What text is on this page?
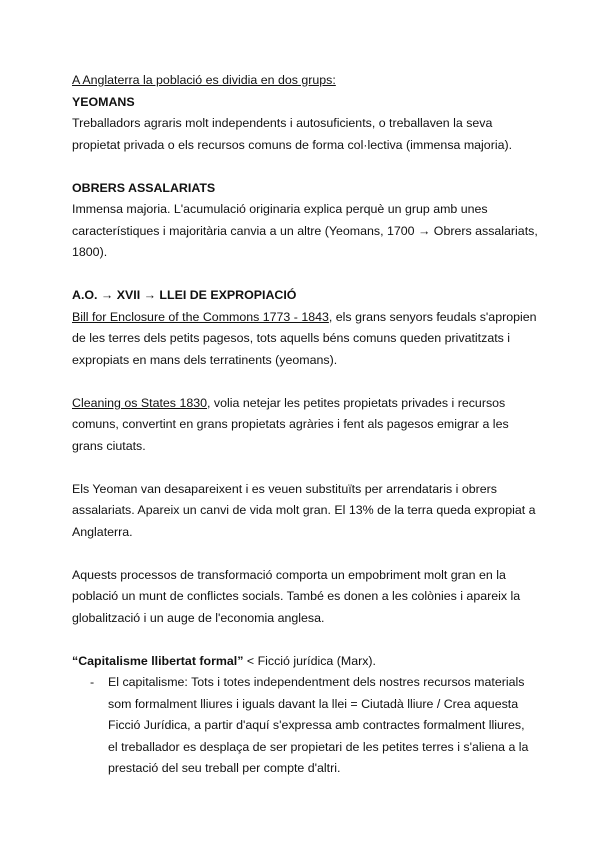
A Anglaterra la població es dividia en dos grups:
YEOMANS
Treballadors agraris molt independents i autosuficients, o treballaven la seva
propietat privada o els recursos comuns de forma col·lectiva (immensa majoria).
OBRERS ASSALARIATS
Immensa majoria. L'acumulació originaria explica perquè un grup amb unes
característiques i majoritària canvia a un altre (Yeomans, 1700 → Obrers assalariats,
1800).
A.O. → XVII → LLEI DE EXPROPIACIÓ
Bill for Enclosure of the Commons 1773 - 1843, els grans senyors feudals s'apropien
de les terres dels petits pagesos, tots aquells béns comuns queden privatitzats i
expropiats en mans dels terratinents (yeomans).
Cleaning os States 1830, volia netejar les petites propietats privades i recursos
comuns, convertint en grans propietats agràries i fent als pagesos emigrar a les
grans ciutats.
Els Yeoman van desapareixent i es veuen substituïts per arrendataris i obrers
assalariats. Apareix un canvi de vida molt gran. El 13% de la terra queda expropiat a
Anglaterra.
Aquests processos de transformació comporta un empobriment molt gran en la
població un munt de conflictes socials. També es donen a les colònies i apareix la
globalització i un auge de l'economia anglesa.
“Capitalisme llibertat formal” < Ficció jurídica (Marx).
- El capitalisme: Tots i totes independentment dels nostres recursos materials
som formalment lliures i iguals davant la llei = Ciutadà lliure / Crea aquesta
Ficció Jurídica, a partir d'aquí s'expressa amb contractes formalment lliures,
el treballador es desplaça de ser propietari de les petites terres i s'aliena a la
prestació del seu treball per compte d'altri.
